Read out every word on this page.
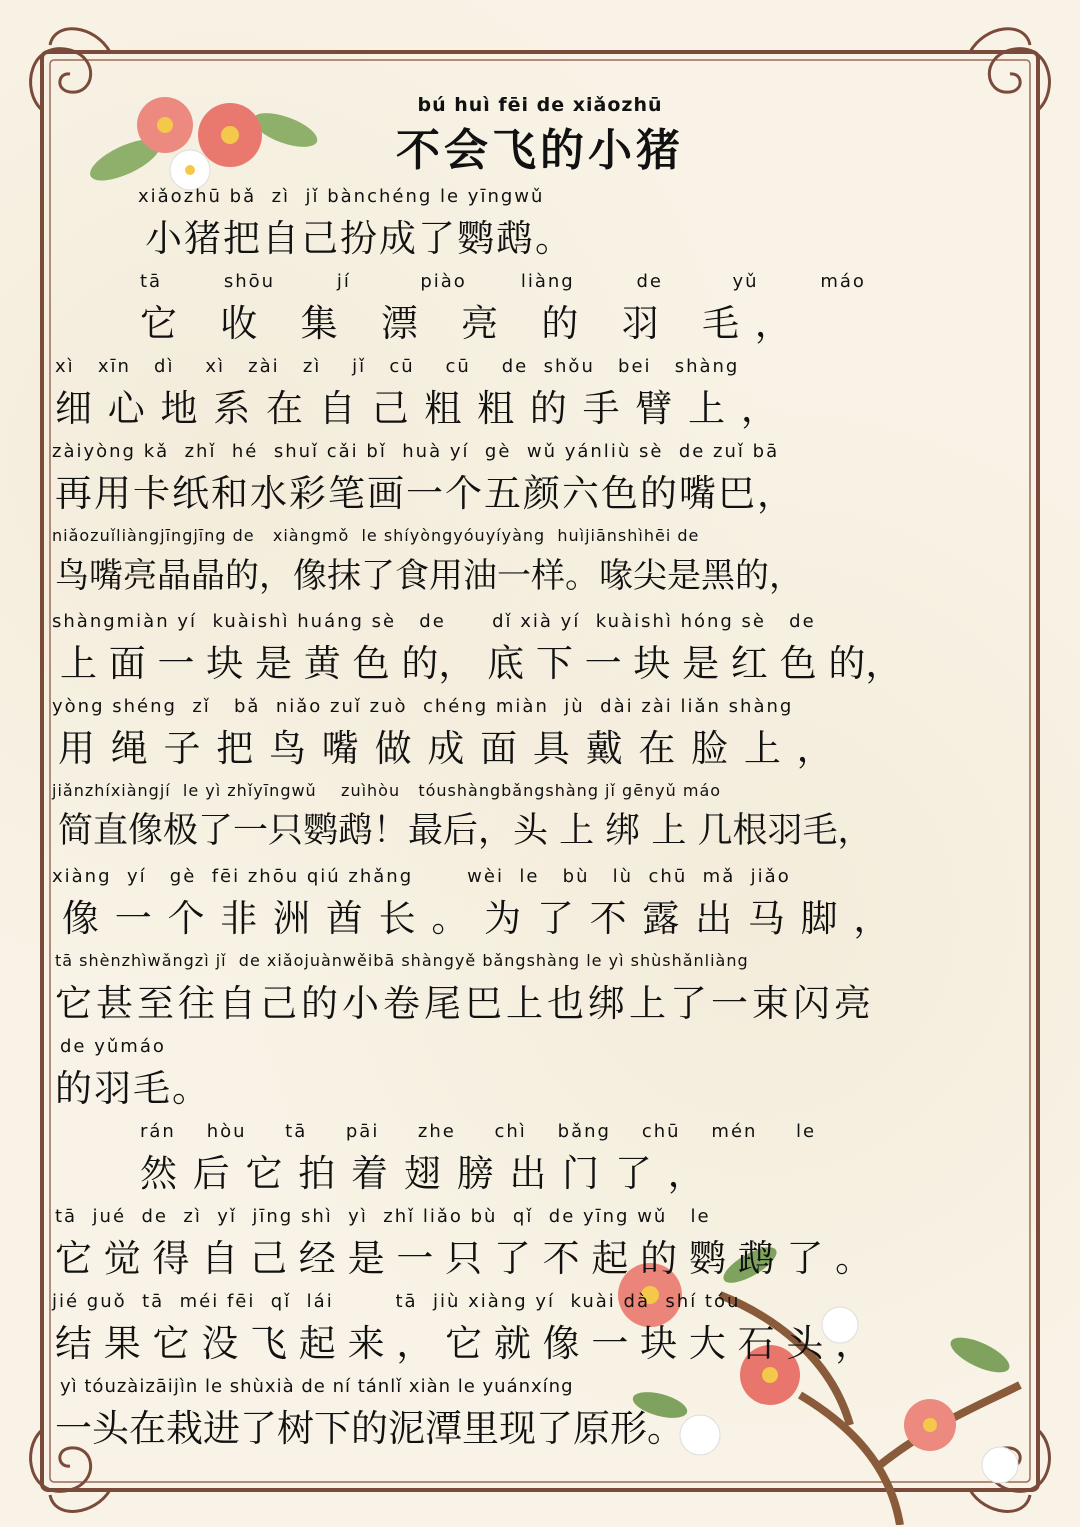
bú huì fēi de xiǎozhū
不会飞的小猪
xiǎozhū bǎ  zì  jǐ bànchéng le yīngwǔ
小猪把自己扮成了鹦鹉。
tā        shōu        jí         piào       liàng        de         yǔ        máo
它   收   集   漂   亮   的   羽   毛 ，
xì   xīn   dì    xì   zài   zì    jǐ   cū    cū    de  shǒu   bei   shàng
细 心 地 系 在 自 己 粗 粗 的 手 臂 上 ，
zàiyòng kǎ  zhǐ  hé  shuǐ cǎi bǐ  huà yí  gè  wǔ yánliù sè  de zuǐ bā
再用卡纸和水彩笔画一个五颜六色的嘴巴，
niǎozuǐliàngjīngjīng de   xiàngmǒ  le shíyòngyóuyíyàng  huìjiānshìhēi de
鸟嘴亮晶晶的，像抹了食用油一样。喙尖是黑的，
shàngmiàn yí  kuàishì huáng sè   de      dǐ xià yí  kuàishì hóng sè   de
上 面 一 块 是 黄 色 的， 底 下 一 块 是 红 色 的，
yòng shéng  zǐ   bǎ  niǎo zuǐ zuò  chéng miàn  jù  dài zài liǎn shàng
用 绳 子 把 鸟 嘴 做 成 面 具 戴 在 脸 上 ，
jiǎnzhíxiàngjí  le yì zhǐyīngwǔ    zuìhòu   tóushàngbǎngshàng jǐ gēnyǔ máo
简直像极了一只鹦鹉！最后，头 上 绑 上 几根羽毛，
xiàng  yí   gè  fēi zhōu qiú zhǎng       wèi  le   bù   lù  chū  mǎ  jiǎo
像 一 个 非 洲 酋 长 。 为 了 不 露 出 马 脚 ，
tā shènzhìwǎngzì jǐ  de xiǎojuànwěibā shàngyě bǎngshàng le yì shùshǎnliàng
它甚至往自己的小卷尾巴上也绑上了一束闪亮
de yǔmáo
的羽毛。
rán    hòu     tā     pāi     zhe     chì    bǎng    chū    mén     le
然 后 它 拍 着 翅 膀 出 门 了 ，
tā  jué  de  zì  yǐ  jīng shì  yì  zhǐ liǎo bù  qǐ  de yīng wǔ   le
它 觉 得 自 己 经 是 一 只 了 不 起 的 鹦 鹉 了 。
jié guǒ  tā  méi fēi  qǐ  lái        tā  jiù xiàng yí  kuài dà  shí tóu
结 果 它 没 飞 起 来 ， 它 就 像 一 块 大 石 头 ，
yì tóuzàizāijìn le shùxià de ní tánlǐ xiàn le yuánxíng
一头在栽进了树下的泥潭里现了原形。
